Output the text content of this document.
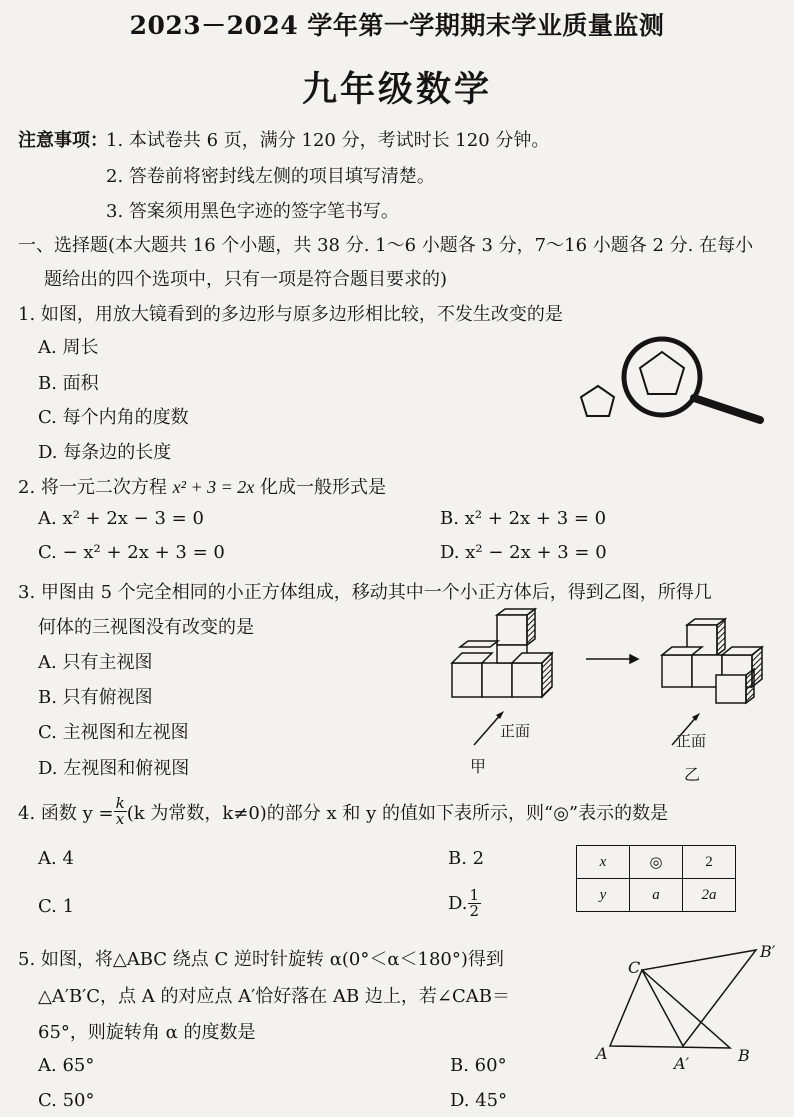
2023－2024 学年第一学期期末学业质量监测
九年级数学
注意事项：
1. 本试卷共 6 页，满分 120 分，考试时长 120 分钟。
2. 答卷前将密封线左侧的项目填写清楚。
3. 答案须用黑色字迹的签字笔书写。
一、选择题(本大题共 16 个小题，共 38 分. 1～6 小题各 3 分，7～16 小题各 2 分. 在每小
题给出的四个选项中，只有一项是符合题目要求的)
1. 如图，用放大镜看到的多边形与原多边形相比较，不发生改变的是
A. 周长
B. 面积
C. 每个内角的度数
D. 每条边的长度
2. 将一元二次方程 x² + 3 = 2x 化成一般形式是
A. x² + 2x − 3 = 0	B. x² + 2x + 3 = 0
C. − x² + 2x + 3 = 0	D. x² − 2x + 3 = 0
3. 甲图由 5 个完全相同的小正方体组成，移动其中一个小正方体后，得到乙图，所得几
何体的三视图没有改变的是
A. 只有主视图
B. 只有俯视图
C. 主视图和左视图
D. 左视图和俯视图
正面
正面
甲	乙
4. 函数 $y = \frac{k}{x} (k$ 为常数，k≠0)的部分 x 和 y 的值如下表所示，则“◎”表示的数是
A. 4	B. 2
C. 1	D. $\frac{1}{2}$
x	◎	2
y	a	2a
5. 如图，将△ABC 绕点 C 逆时针旋转 α(0°＜α＜180°)得到
△A′B′C，点 A 的对应点 A′恰好落在 AB 边上，若∠CAB＝
65°，则旋转角 α 的度数是
A. 65°	B. 60°
C. 50°	D. 45°
C
B′
A
A′	B
